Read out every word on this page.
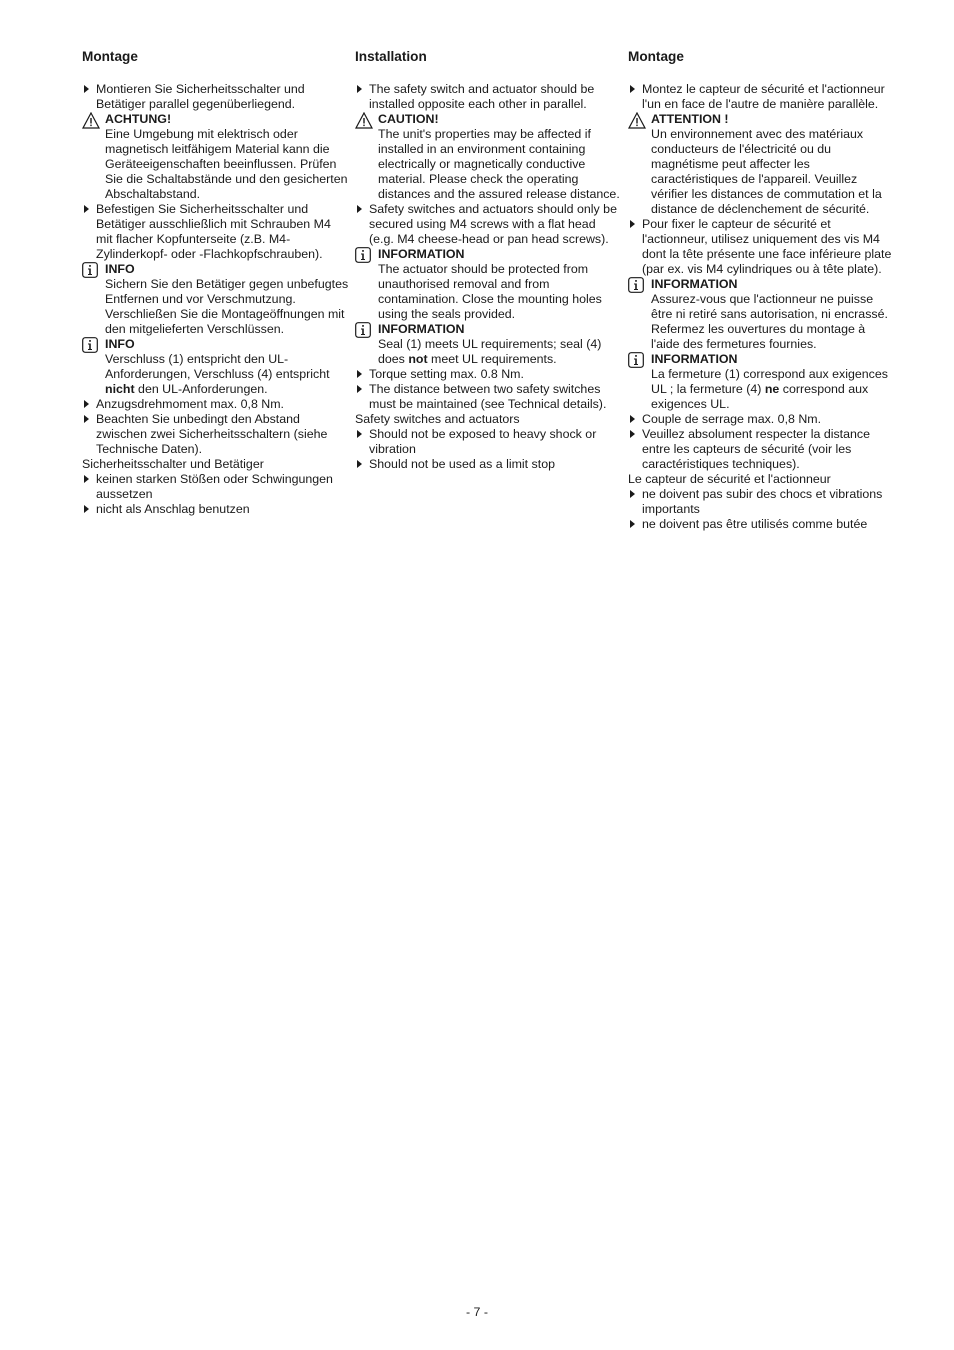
Montage
Montieren Sie Sicherheitsschalter und Betätiger parallel gegenüberliegend.
ACHTUNG!
Eine Umgebung mit elektrisch oder magnetisch leitfähigem Material kann die Geräteeigenschaften beeinflussen. Prüfen Sie die Schaltabstände und den gesicherten Abschaltabstand.
Befestigen Sie Sicherheitsschalter und Betätiger ausschließlich mit Schrauben M4 mit flacher Kopfunterseite (z.B. M4-Zylinderkopf- oder -Flachkopfschrauben).
INFO
Sichern Sie den Betätiger gegen unbefugtes Entfernen und vor Verschmutzung. Verschließen Sie die Montageöffnungen mit den mitgelieferten Verschlüssen.
INFO
Verschluss (1) entspricht den UL-Anforderungen, Verschluss (4) entspricht nicht den UL-Anforderungen.
Anzugsdrehmoment max. 0,8 Nm.
Beachten Sie unbedingt den Abstand zwischen zwei Sicherheitsschaltern (siehe Technische Daten).
Sicherheitsschalter und Betätiger
keinen starken Stößen oder Schwingungen aussetzen
nicht als Anschlag benutzen
Installation
The safety switch and actuator should be installed opposite each other in parallel.
CAUTION!
The unit's properties may be affected if installed in an environment containing electrically or magnetically conductive material. Please check the operating distances and the assured release distance.
Safety switches and actuators should only be secured using M4 screws with a flat head (e.g. M4 cheese-head or pan head screws).
INFORMATION
The actuator should be protected from unauthorised removal and from contamination. Close the mounting holes using the seals provided.
INFORMATION
Seal (1) meets UL requirements; seal (4) does not meet UL requirements.
Torque setting max. 0.8 Nm.
The distance between two safety switches must be maintained (see Technical details).
Safety switches and actuators
Should not be exposed to heavy shock or vibration
Should not be used as a limit stop
Montage
Montez le capteur de sécurité et l'actionneur l'un en face de l'autre de manière parallèle.
ATTENTION !
Un environnement avec des matériaux conducteurs de l'électricité ou du magnétisme peut affecter les caractéristiques de l'appareil. Veuillez vérifier les distances de commutation et la distance de déclenchement de sécurité.
Pour fixer le capteur de sécurité et l'actionneur, utilisez uniquement des vis M4 dont la tête présente une face inférieure plate (par ex. vis M4 cylindriques ou à tête plate).
INFORMATION
Assurez-vous que l'actionneur ne puisse être ni retiré sans autorisation, ni encrassé. Refermez les ouvertures du montage à l'aide des fermetures fournies.
INFORMATION
La fermeture (1) correspond aux exigences UL ; la fermeture (4) ne correspond aux exigences UL.
Couple de serrage max. 0,8 Nm.
Veuillez absolument respecter la distance entre les capteurs de sécurité (voir les caractéristiques techniques).
Le capteur de sécurité et l'actionneur
ne doivent pas subir des chocs et vibrations importants
ne doivent pas être utilisés comme butée
- 7 -
